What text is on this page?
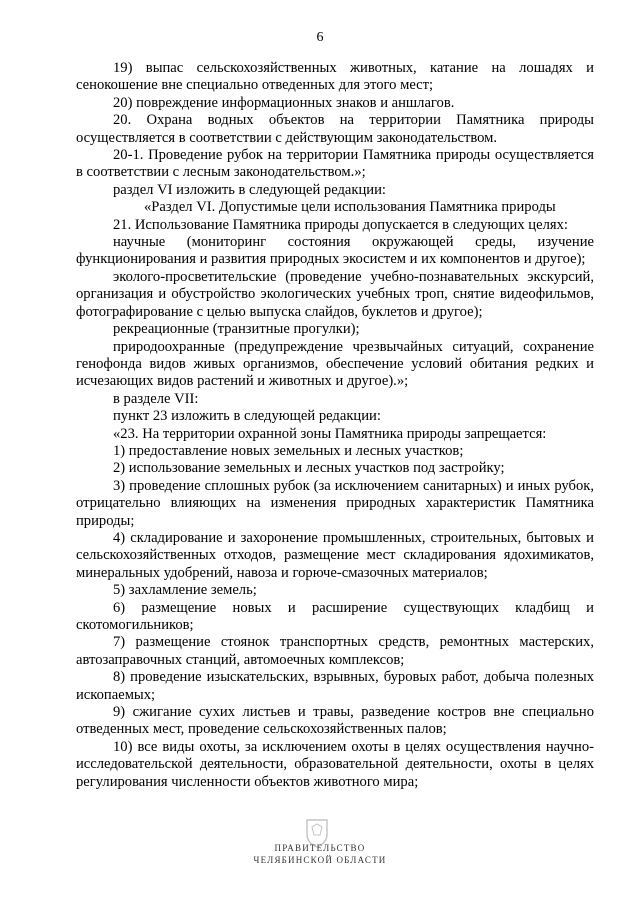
6

19) выпас сельскохозяйственных животных, катание на лошадях и сенокошение вне специально отведенных для этого мест;

20) повреждение информационных знаков и аншлагов.

20. Охрана водных объектов на территории Памятника природы осуществляется в соответствии с действующим законодательством.

20-1. Проведение рубок на территории Памятника природы осуществляется в соответствии с лесным законодательством.»;

раздел VI изложить в следующей редакции:

«Раздел VI. Допустимые цели использования Памятника природы

21. Использование Памятника природы допускается в следующих целях:

научные (мониторинг состояния окружающей среды, изучение функционирования и развития природных экосистем и их компонентов и другое);

эколого-просветительские (проведение учебно-познавательных экскурсий, организация и обустройство экологических учебных троп, снятие видеофильмов, фотографирование с целью выпуска слайдов, буклетов и другое);

рекреационные (транзитные прогулки);

природоохранные (предупреждение чрезвычайных ситуаций, сохранение генофонда видов живых организмов, обеспечение условий обитания редких и исчезающих видов растений и животных и другое).»;

в разделе VII:

пункт 23 изложить в следующей редакции:

«23. На территории охранной зоны Памятника природы запрещается:

1) предоставление новых земельных и лесных участков;

2) использование земельных и лесных участков под застройку;

3) проведение сплошных рубок (за исключением санитарных) и иных рубок, отрицательно влияющих на изменения природных характеристик Памятника природы;

4) складирование и захоронение промышленных, строительных, бытовых и сельскохозяйственных отходов, размещение мест складирования ядохимикатов, минеральных удобрений, навоза и горюче-смазочных материалов;

5) захламление земель;

6) размещение новых и расширение существующих кладбищ и скотомогильников;

7) размещение стоянок транспортных средств, ремонтных мастерских, автозаправочных станций, автомоечных комплексов;

8) проведение изыскательских, взрывных, буровых работ, добыча полезных ископаемых;

9) сжигание сухих листьев и травы, разведение костров вне специально отведенных мест, проведение сельскохозяйственных палов;

10) все виды охоты, за исключением охоты в целях осуществления научно-исследовательской деятельности, образовательной деятельности, охоты в целях регулирования численности объектов животного мира;

ПРАВИТЕЛЬСТВО
ЧЕЛЯБИНСКОЙ ОБЛАСТИ
